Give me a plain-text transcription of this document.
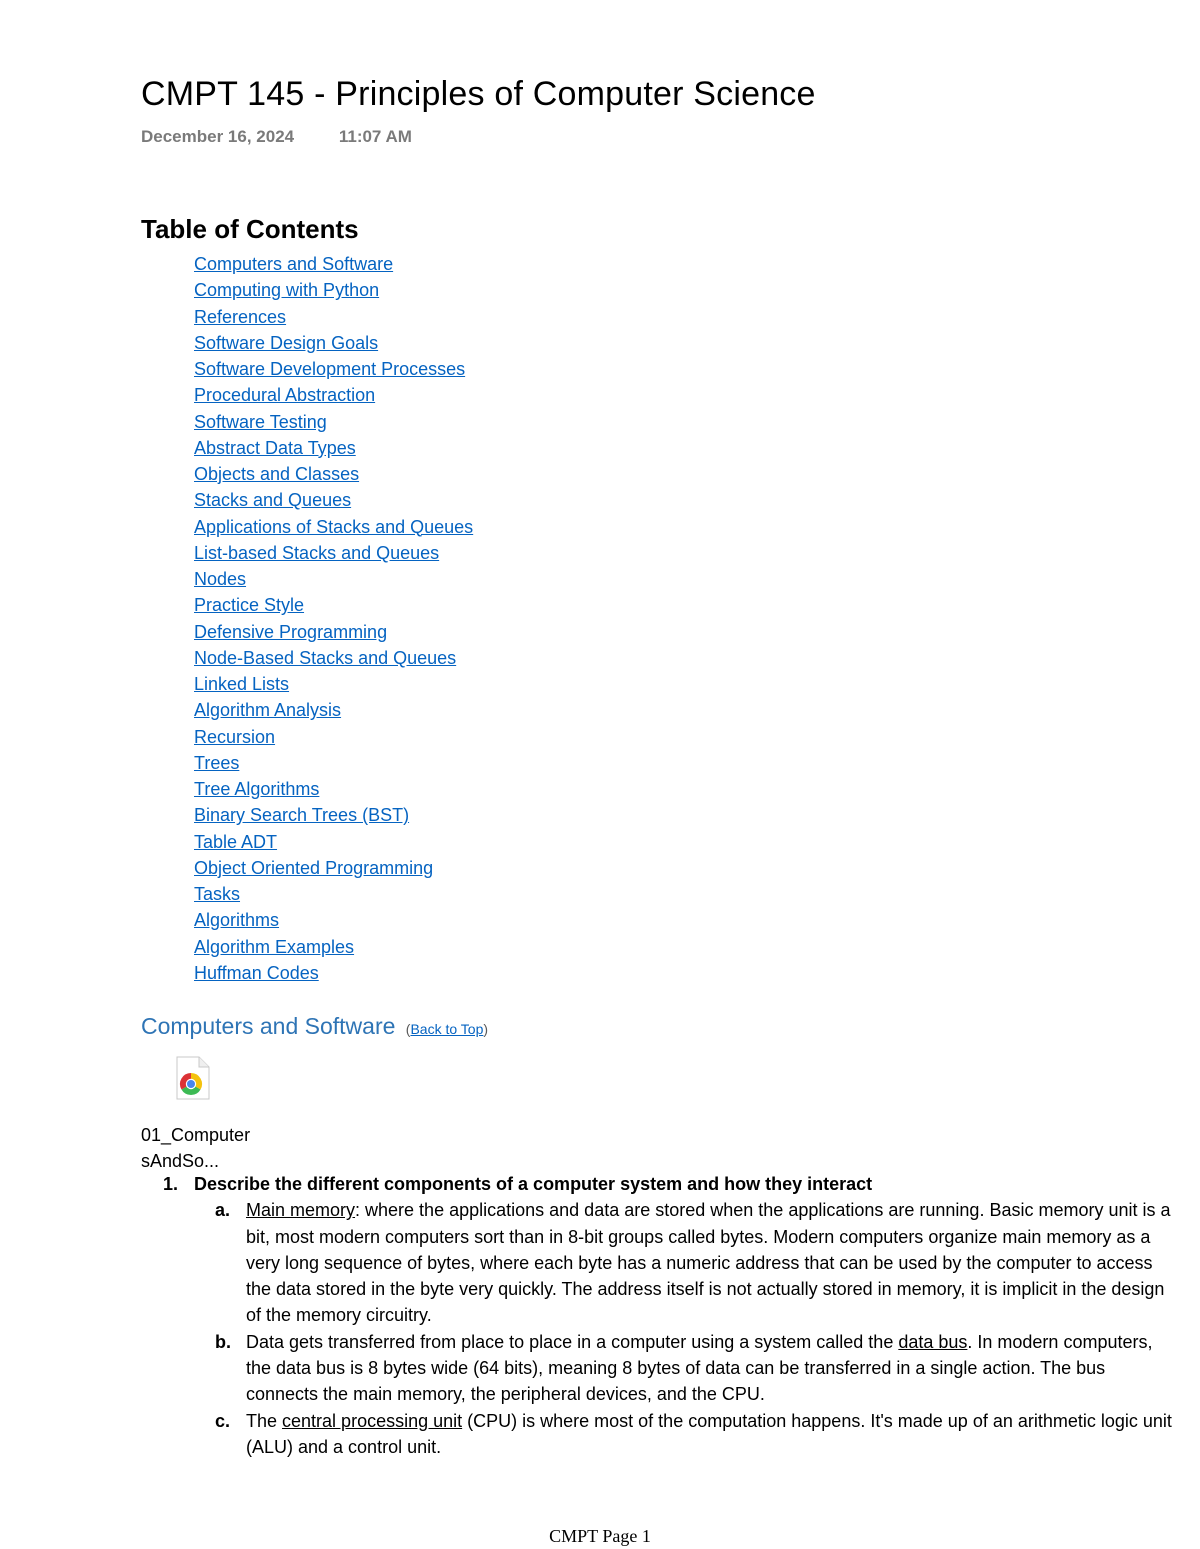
CMPT 145 - Principles of Computer Science
December 16, 2024	11:07 AM
Table of Contents
Computers and Software
Computing with Python
References
Software Design Goals
Software Development Processes
Procedural Abstraction
Software Testing
Abstract Data Types
Objects and Classes
Stacks and Queues
Applications of Stacks and Queues
List-based Stacks and Queues
Nodes
Practice Style
Defensive Programming
Node-Based Stacks and Queues
Linked Lists
Algorithm Analysis
Recursion
Trees
Tree Algorithms
Binary Search Trees (BST)
Table ADT
Object Oriented Programming
Tasks
Algorithms
Algorithm Examples
Huffman Codes
Computers and Software (Back to Top)
01_ComputersAndSo...
1. Describe the different components of a computer system and how they interact
a. Main memory: where the applications and data are stored when the applications are running. Basic memory unit is a bit, most modern computers sort than in 8-bit groups called bytes. Modern computers organize main memory as a very long sequence of bytes, where each byte has a numeric address that can be used by the computer to access the data stored in the byte very quickly. The address itself is not actually stored in memory, it is implicit in the design of the memory circuitry.
b. Data gets transferred from place to place in a computer using a system called the data bus. In modern computers, the data bus is 8 bytes wide (64 bits), meaning 8 bytes of data can be transferred in a single action. The bus connects the main memory, the peripheral devices, and the CPU.
c. The central processing unit (CPU) is where most of the computation happens. It's made up of an arithmetic logic unit (ALU) and a control unit.
CMPT Page 1
